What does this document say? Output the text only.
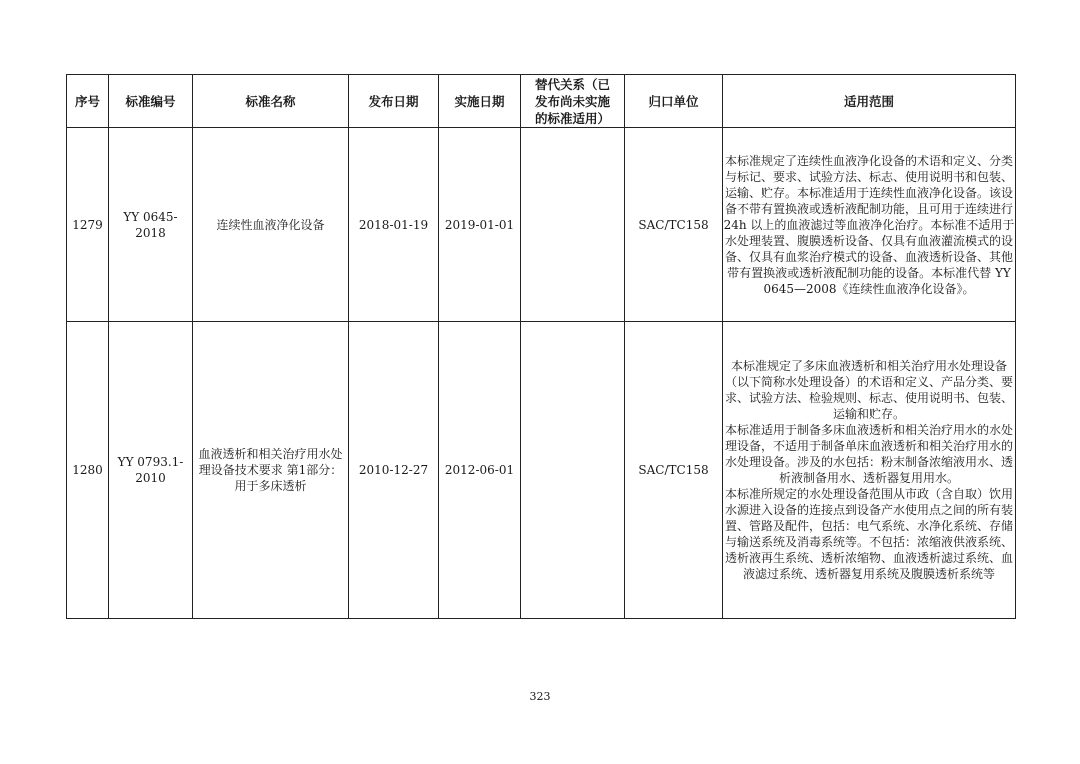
序号	标准编号	标准名称	发布日期	实施日期	替代关系（已发布尚未实施的标准适用）	归口单位	适用范围
1279	YY 0645-2018	连续性血液净化设备	2018-01-19	2019-01-01		SAC/TC158	本标准规定了连续性血液净化设备的术语和定义、分类与标记、要求、试验方法、标志、使用说明书和包装、运输、贮存。本标准适用于连续性血液净化设备。该设备不带有置换液或透析液配制功能，且可用于连续进行 24h 以上的血液滤过等血液净化治疗。本标准不适用于水处理装置、腹膜透析设备、仅具有血液灌流模式的设备、仅具有血浆治疗模式的设备、血液透析设备、其他带有置换液或透析液配制功能的设备。本标准代替 YY 0645—2008《连续性血液净化设备》。

1280	YY 0793.1-2010	血液透析和相关治疗用水处理设备技术要求 第1部分：用于多床透析	2010-12-27	2012-06-01		SAC/TC158	本标准规定了多床血液透析和相关治疗用水处理设备（以下简称水处理设备）的术语和定义、产品分类、要求、试验方法、检验规则、标志、使用说明书、包装、运输和贮存。

本标准适用于制备多床血液透析和相关治疗用水的水处理设备，不适用于制备单床血液透析和相关治疗用水的水处理设备。涉及的水包括：粉末制备浓缩液用水、透析液制备用水、透析器复用用水。

本标准所规定的水处理设备范围从市政（含自取）饮用水源进入设备的连接点到设备产水使用点之间的所有装置、管路及配件，包括：电气系统、水净化系统、存储与输送系统及消毒系统等。不包括：浓缩液供液系统、透析液再生系统、透析浓缩物、血液透析滤过系统、血液滤过系统、透析器复用系统及腹膜透析系统等

323
